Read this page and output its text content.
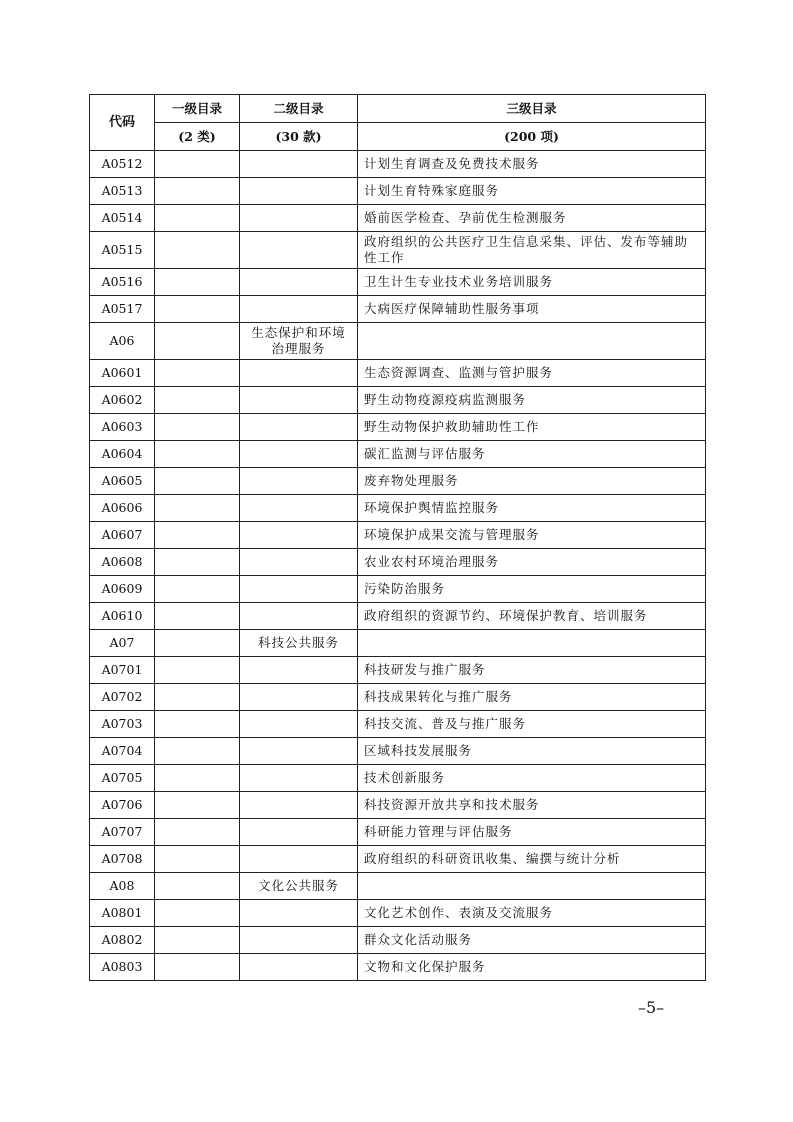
代码	一级目录	二级目录	三级目录
	(2 类)	(30 款)	(200 项)
A0512			计划生育调查及免费技术服务
A0513			计划生育特殊家庭服务
A0514			婚前医学检查、孕前优生检测服务
A0515			政府组织的公共医疗卫生信息采集、评估、发布等辅助性工作
A0516			卫生计生专业技术业务培训服务
A0517			大病医疗保障辅助性服务事项
A06		生态保护和环境治理服务	
A0601			生态资源调查、监测与管护服务
A0602			野生动物疫源疫病监测服务
A0603			野生动物保护救助辅助性工作
A0604			碳汇监测与评估服务
A0605			废弃物处理服务
A0606			环境保护舆情监控服务
A0607			环境保护成果交流与管理服务
A0608			农业农村环境治理服务
A0609			污染防治服务
A0610			政府组织的资源节约、环境保护教育、培训服务
A07		科技公共服务	
A0701			科技研发与推广服务
A0702			科技成果转化与推广服务
A0703			科技交流、普及与推广服务
A0704			区域科技发展服务
A0705			技术创新服务
A0706			科技资源开放共享和技术服务
A0707			科研能力管理与评估服务
A0708			政府组织的科研资讯收集、编撰与统计分析
A08		文化公共服务	
A0801			文化艺术创作、表演及交流服务
A0802			群众文化活动服务
A0803			文物和文化保护服务
–5–
